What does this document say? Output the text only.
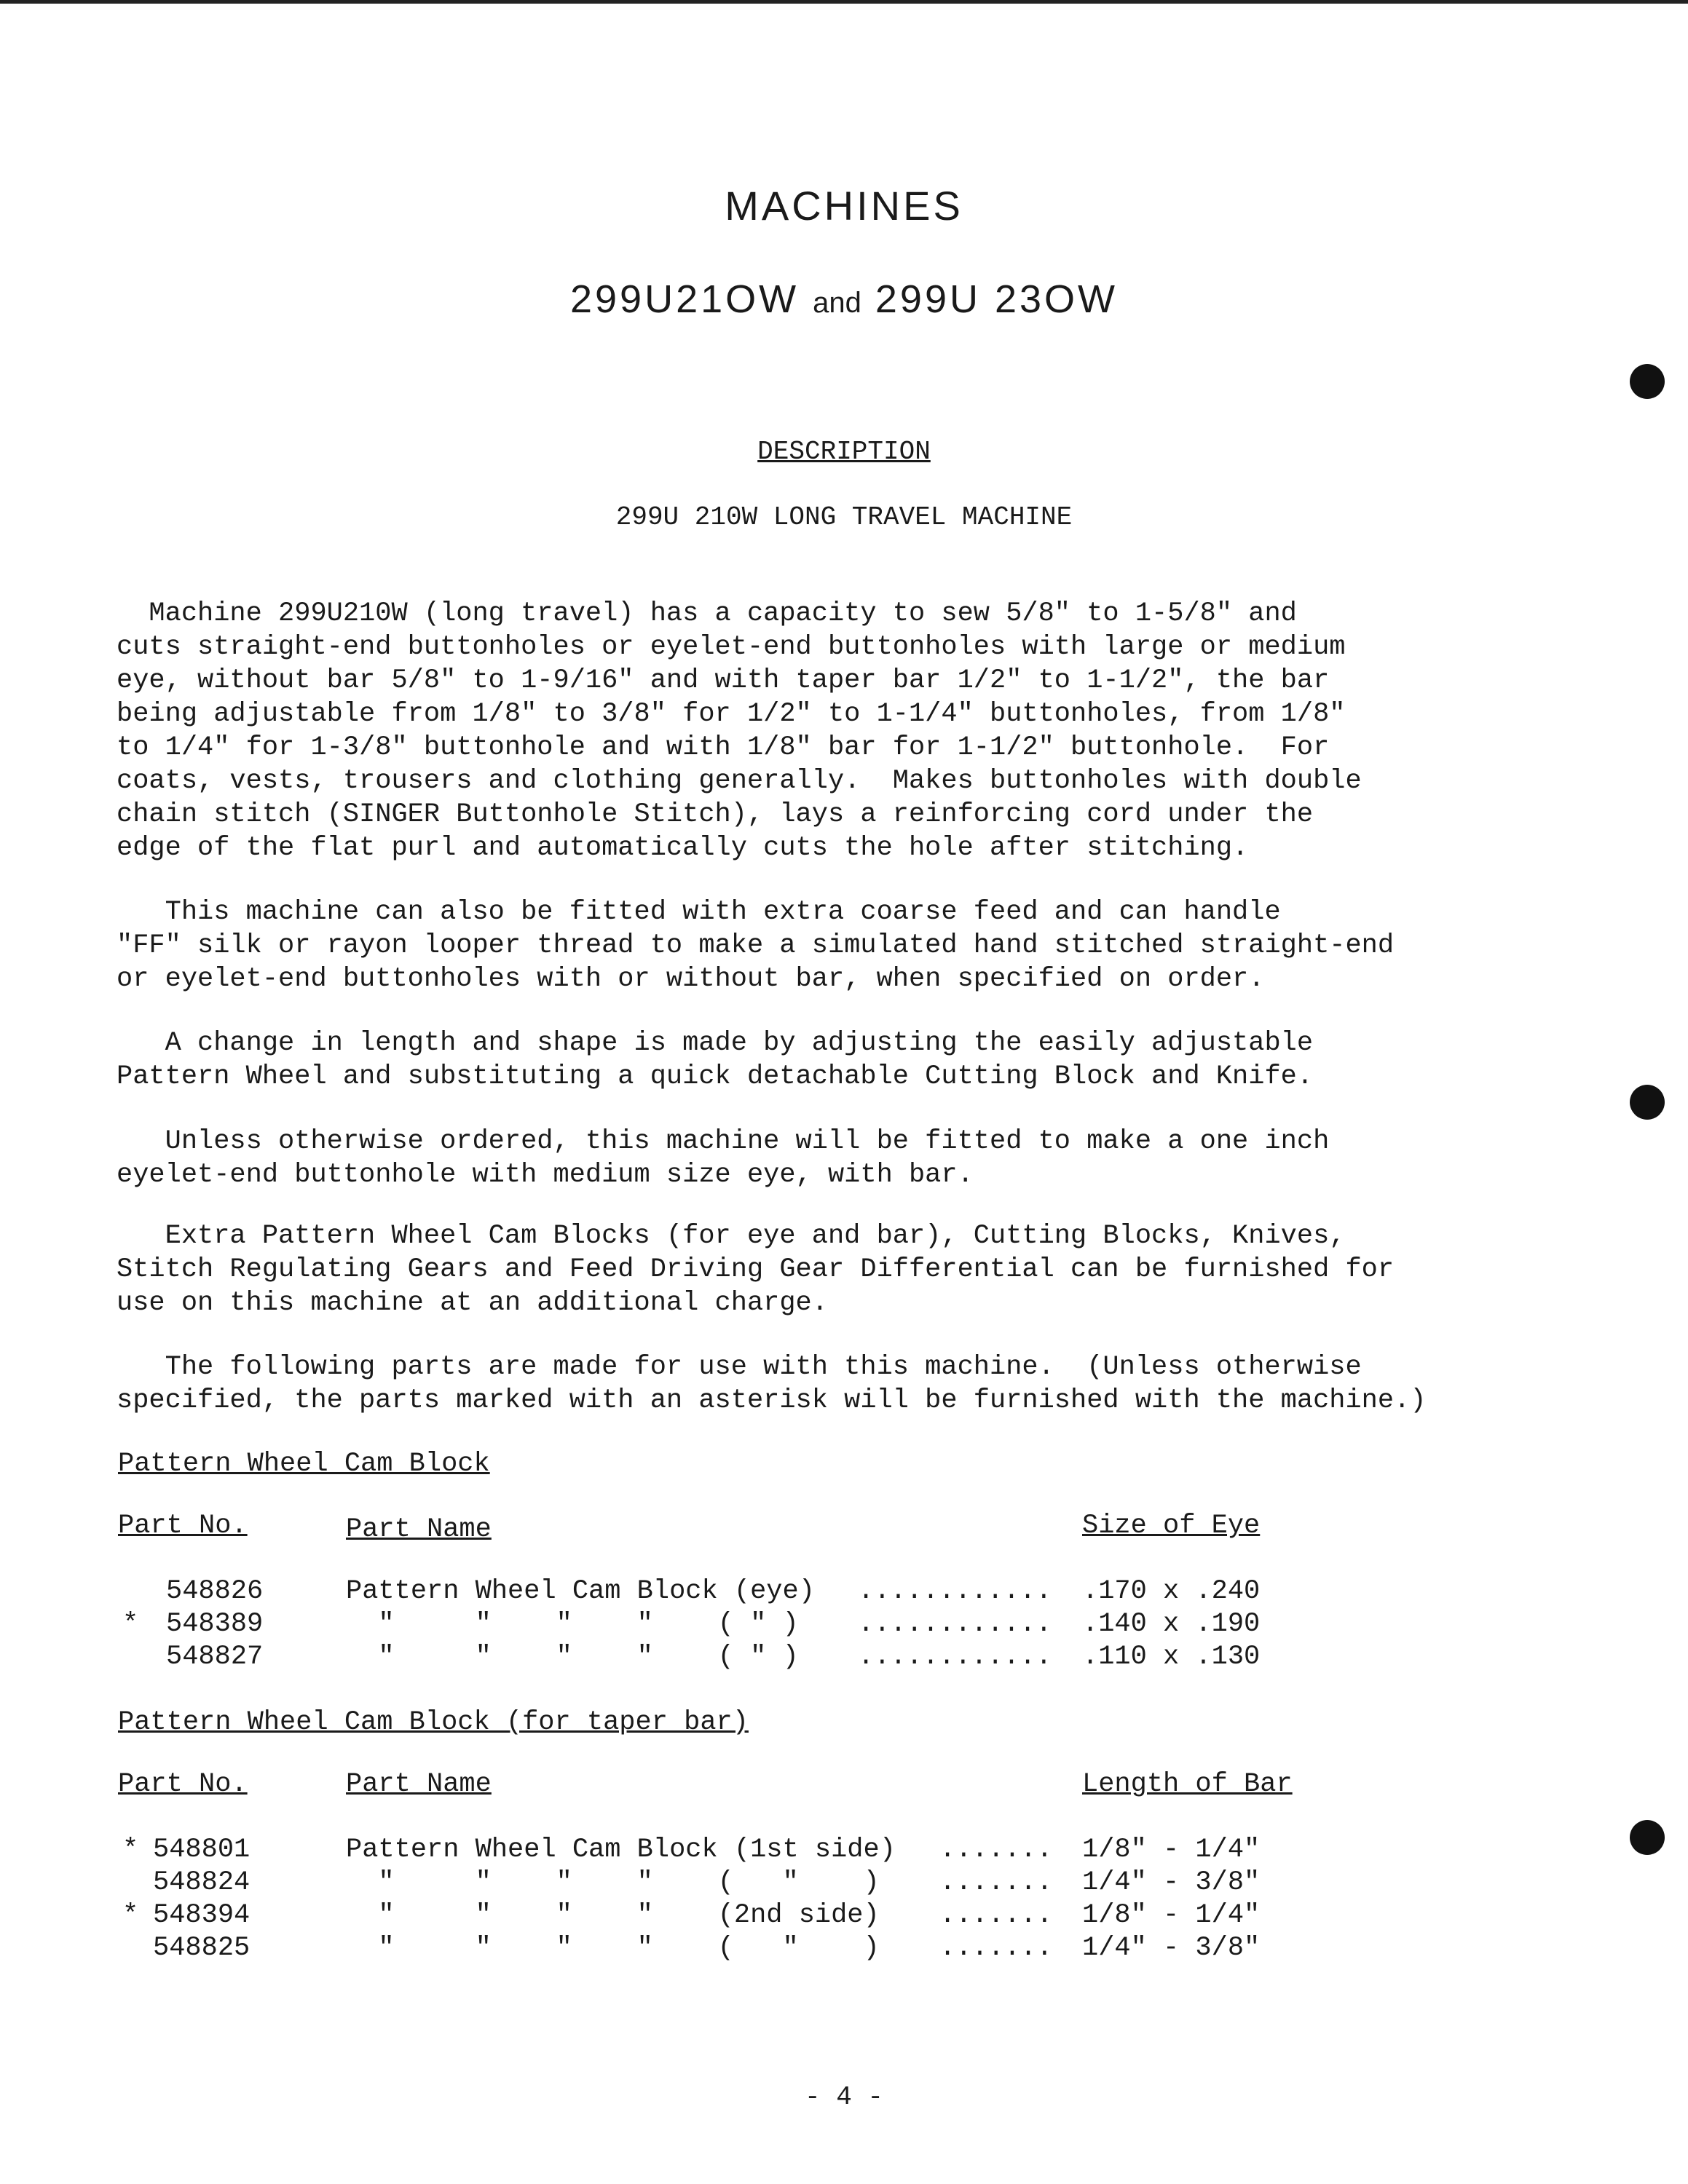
MACHINES
299U21OW and 299U 23OW
DESCRIPTION
299U 210W LONG TRAVEL MACHINE
Machine 299U210W (long travel) has a capacity to sew 5/8" to 1-5/8" and
cuts straight-end buttonholes or eyelet-end buttonholes with large or medium
eye, without bar 5/8" to 1-9/16" and with taper bar 1/2" to 1-1/2", the bar
being adjustable from 1/8" to 3/8" for 1/2" to 1-1/4" buttonholes, from 1/8"
to 1/4" for 1-3/8" buttonhole and with 1/8" bar for 1-1/2" buttonhole.  For
coats, vests, trousers and clothing generally.  Makes buttonholes with double
chain stitch (SINGER Buttonhole Stitch), lays a reinforcing cord under the
edge of the flat purl and automatically cuts the hole after stitching.
This machine can also be fitted with extra coarse feed and can handle
"FF" silk or rayon looper thread to make a simulated hand stitched straight-end
or eyelet-end buttonholes with or without bar, when specified on order.
A change in length and shape is made by adjusting the easily adjustable
Pattern Wheel and substituting a quick detachable Cutting Block and Knife.
Unless otherwise ordered, this machine will be fitted to make a one inch
eyelet-end buttonhole with medium size eye, with bar.
Extra Pattern Wheel Cam Blocks (for eye and bar), Cutting Blocks, Knives,
Stitch Regulating Gears and Feed Driving Gear Differential can be furnished for
use on this machine at an additional charge.
The following parts are made for use with this machine.  (Unless otherwise
specified, the parts marked with an asterisk will be furnished with the machine.)
Pattern Wheel Cam Block
Part No.	Part Name	Size of Eye
548826	Pattern Wheel Cam Block (eye) ............ .170 x .240
* 548389	"     "    "    "    ( " ) ............ .140 x .190
548827	"     "    "    "    ( " ) ............ .110 x .130
Pattern Wheel Cam Block (for taper bar)
Part No.	Part Name	Length of Bar
* 548801	Pattern Wheel Cam Block (1st side) ....... 1/8" - 1/4"
548824	"     "    "    "    (   "    ) ....... 1/4" - 3/8"
* 548394	"     "    "    "    (2nd side) ....... 1/8" - 1/4"
548825	"     "    "    "    (   "    ) ....... 1/4" - 3/8"
- 4 -
